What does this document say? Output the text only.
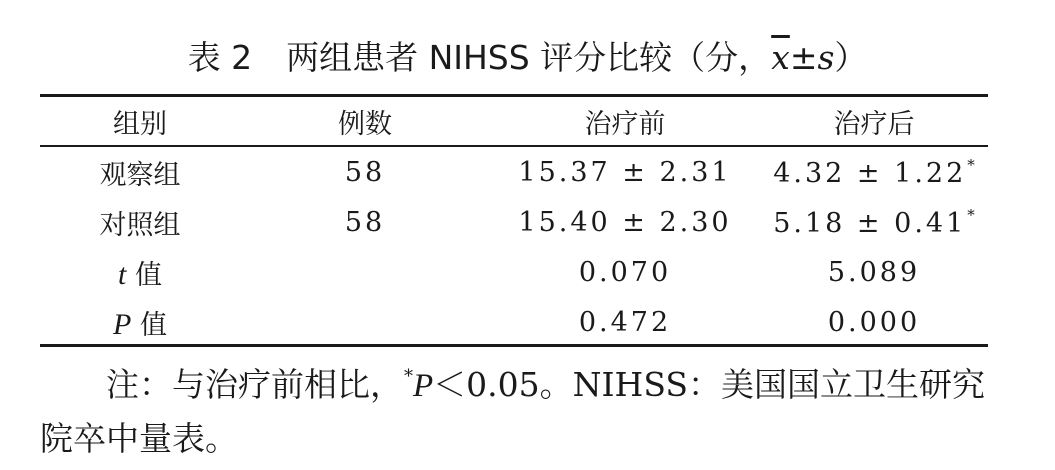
表 2 两组患者 NIHSS 评分比较（分，$\overline{x}\pm s$）
组别	例数	治疗前	治疗后
观察组	58	15.37 ± 2.31	4.32 ± 1.22*
对照组	58	15.40 ± 2.30	5.18 ± 0.41*
t 值		0.070	5.089
P 值		0.472	0.000
注：与治疗前相比，*P＜0.05。NIHSS：美国国立卫生研究
院卒中量表。
